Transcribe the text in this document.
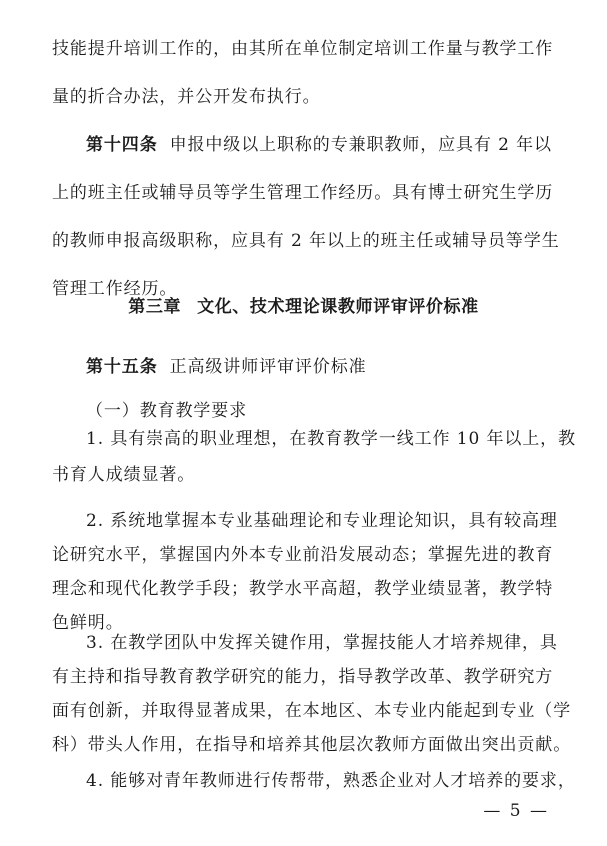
技能提升培训工作的，由其所在单位制定培训工作量与教学工作
量的折合办法，并公开发布执行。
第十四条 申报中级以上职称的专兼职教师，应具有 2 年以
上的班主任或辅导员等学生管理工作经历。具有博士研究生学历
的教师申报高级职称，应具有 2 年以上的班主任或辅导员等学生
管理工作经历。
第三章 文化、技术理论课教师评审评价标准
第十五条 正高级讲师评审评价标准
（一）教育教学要求
1. 具有崇高的职业理想，在教育教学一线工作 10 年以上，教
书育人成绩显著。
2. 系统地掌握本专业基础理论和专业理论知识，具有较高理
论研究水平，掌握国内外本专业前沿发展动态；掌握先进的教育
理念和现代化教学手段；教学水平高超，教学业绩显著，教学特
色鲜明。
3. 在教学团队中发挥关键作用，掌握技能人才培养规律，具
有主持和指导教育教学研究的能力，指导教学改革、教学研究方
面有创新，并取得显著成果，在本地区、本专业内能起到专业（学
科）带头人作用，在指导和培养其他层次教师方面做出突出贡献。
4. 能够对青年教师进行传帮带，熟悉企业对人才培养的要求，
— 5 —
